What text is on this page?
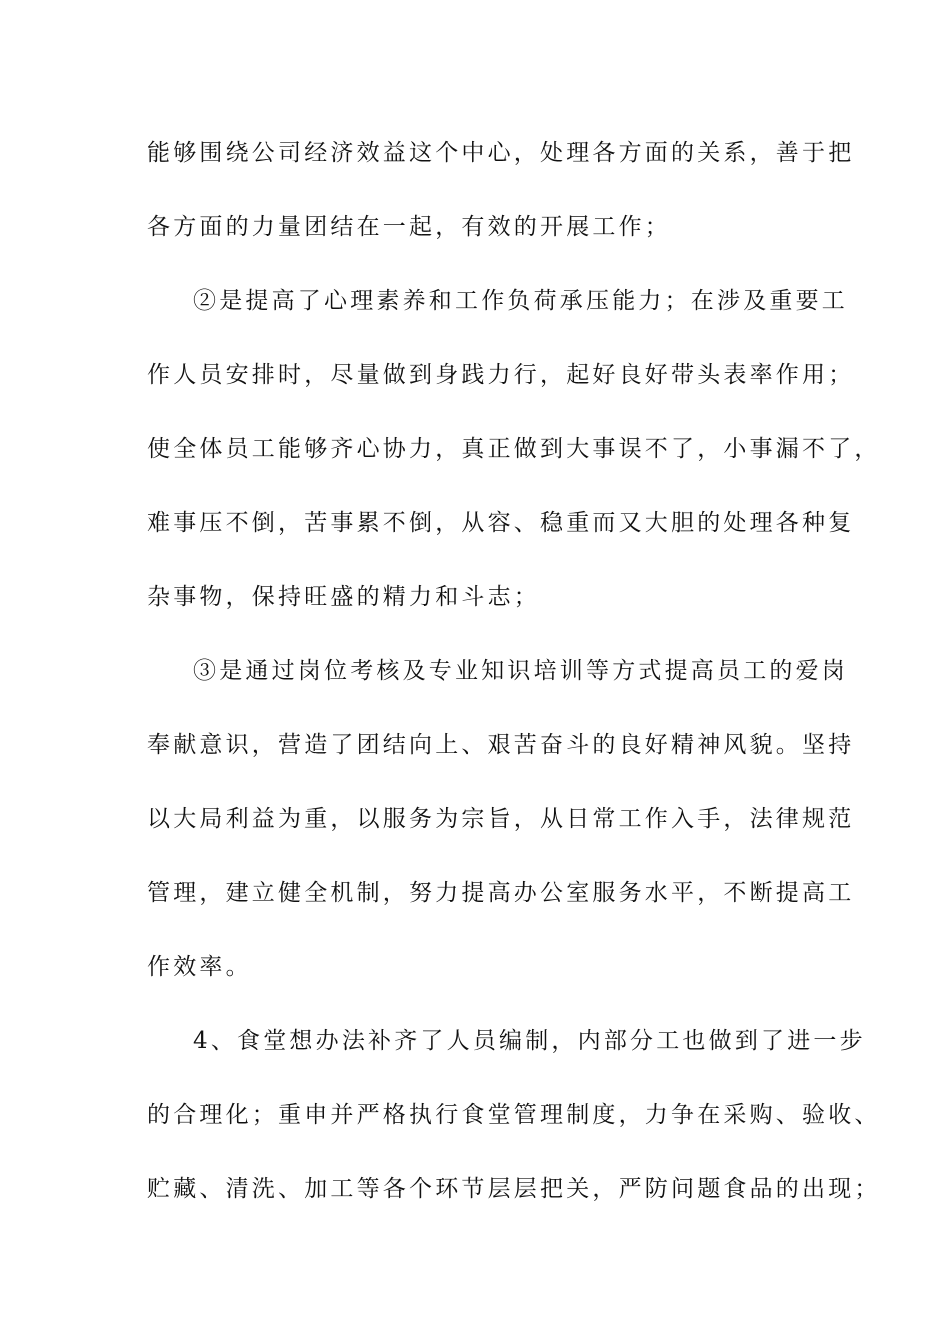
能够围绕公司经济效益这个中心，处理各方面的关系，善于把
各方面的力量团结在一起，有效的开展工作；
②是提高了心理素养和工作负荷承压能力；在涉及重要工
作人员安排时，尽量做到身践力行，起好良好带头表率作用；
使全体员工能够齐心协力，真正做到大事误不了，小事漏不了，
难事压不倒，苦事累不倒，从容、稳重而又大胆的处理各种复
杂事物，保持旺盛的精力和斗志；
③是通过岗位考核及专业知识培训等方式提高员工的爱岗
奉献意识，营造了团结向上、艰苦奋斗的良好精神风貌。坚持
以大局利益为重，以服务为宗旨，从日常工作入手，法律规范
管理，建立健全机制，努力提高办公室服务水平，不断提高工
作效率。
4、食堂想办法补齐了人员编制，内部分工也做到了进一步
的合理化；重申并严格执行食堂管理制度，力争在采购、验收、
贮藏、清洗、加工等各个环节层层把关，严防问题食品的出现；
